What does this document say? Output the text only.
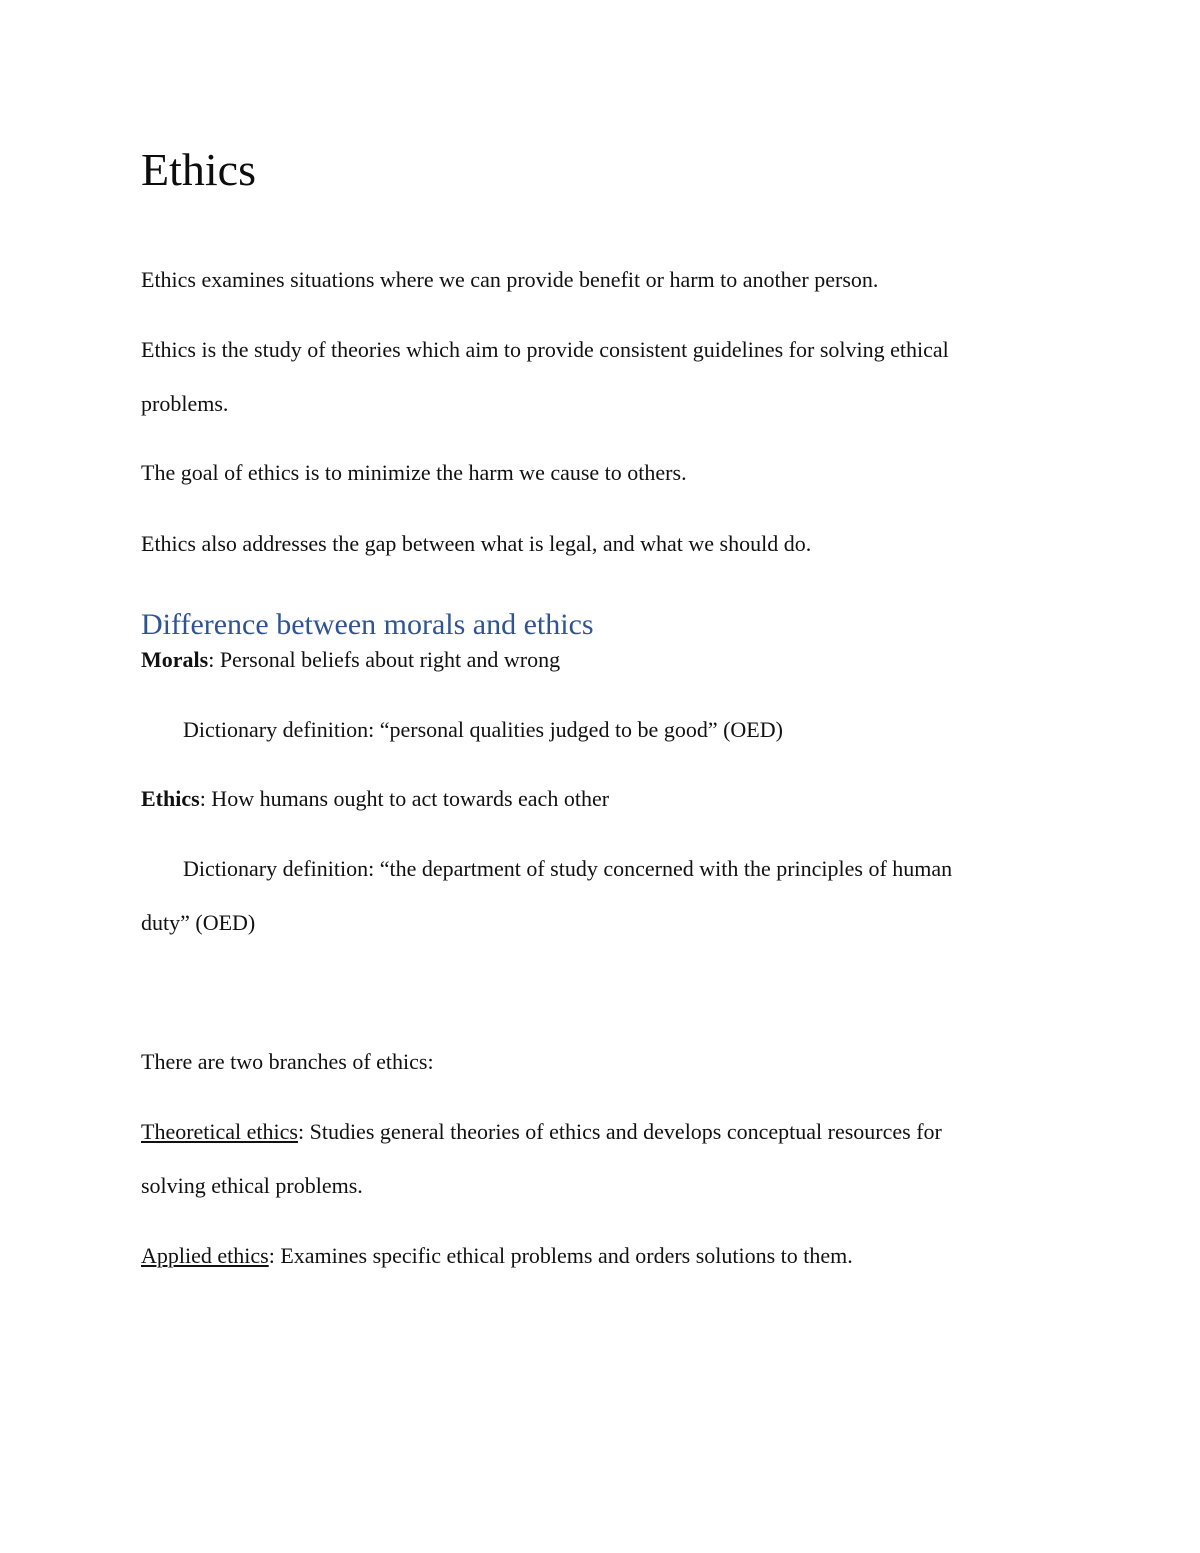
Ethics

Ethics examines situations where we can provide benefit or harm to another person.

Ethics is the study of theories which aim to provide consistent guidelines for solving ethical

problems.

The goal of ethics is to minimize the harm we cause to others.

Ethics also addresses the gap between what is legal, and what we should do.

Difference between morals and ethics

Morals: Personal beliefs about right and wrong

Dictionary definition: “personal qualities judged to be good” (OED)

Ethics: How humans ought to act towards each other

Dictionary definition: “the department of study concerned with the principles of human

duty” (OED)

There are two branches of ethics:

Theoretical ethics: Studies general theories of ethics and develops conceptual resources for

solving ethical problems.

Applied ethics: Examines specific ethical problems and orders solutions to them.
